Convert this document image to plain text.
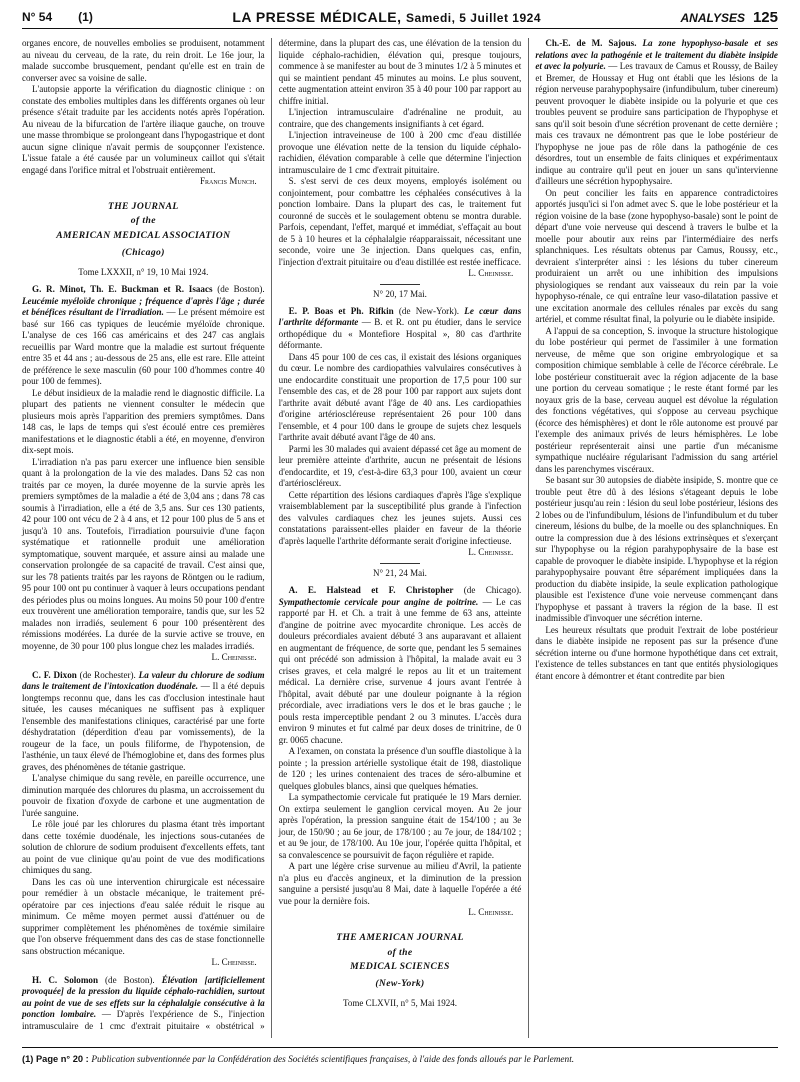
N° 54 (1)	LA PRESSE MÉDICALE, Samedi, 5 Juillet 1924	ANALYSES 125

organes encore, de nouvelles embolies se produisent, notamment au niveau du cerveau, de la rate, du rein droit. Le 16e jour, la malade succombe brusquement, pendant qu'elle est en train de converser avec sa voisine de salle.

L'autopsie apporte la vérification du diagnostic clinique : on constate des embolies multiples dans les différents organes où leur présence s'était traduite par les accidents notés après l'opération. Au niveau de la bifurcation de l'artère iliaque gauche, on trouve une masse thrombique se prolongeant dans l'hypogastrique et dont aucun signe clinique n'avait permis de soupçonner l'existence. L'issue fatale a été causée par un volumineux caillot qui s'était engagé dans l'orifice mitral et l'obstruait entièrement.

Francis Munch.

THE JOURNAL
of the
AMERICAN MEDICAL ASSOCIATION
(Chicago)
Tome LXXXII, n° 19, 10 Mai 1924.

G. R. Minot, Th. E. Buckman et R. Isaacs (de Boston). Leucémie myéloïde chronique ; fréquence d'après l'âge ; durée et bénéfices résultant de l'irradiation. — Le présent mémoire est basé sur 166 cas typiques de leucémie myéloïde chronique. L'analyse de ces 166 cas américains et des 247 cas anglais recueillis par Ward montre que la maladie est surtout fréquente entre 35 et 44 ans ; au-dessous de 25 ans, elle est rare. Elle atteint de préférence le sexe masculin (60 pour 100 d'hommes contre 40 pour 100 de femmes).

Le début insidieux de la maladie rend le diagnostic difficile. La plupart des patients ne viennent consulter le médecin que plusieurs mois après l'apparition des premiers symptômes. Dans 148 cas, le laps de temps qui s'est écoulé entre ces premières manifestations et le diagnostic établi a été, en moyenne, d'environ dix-sept mois.

L'irradiation n'a pas paru exercer une influence bien sensible quant à la prolongation de la vie des malades. Dans 52 cas non traités par ce moyen, la durée moyenne de la survie après les premiers symptômes de la maladie a été de 3,04 ans ; dans 78 cas soumis à l'irradiation, elle a été de 3,5 ans. Sur ces 130 patients, 42 pour 100 ont vécu de 2 à 4 ans, et 12 pour 100 plus de 5 ans et jusqu'à 10 ans. Toutefois, l'irradiation poursuivie d'une façon systématique et rationnelle produit une amélioration symptomatique, souvent marquée, et assure ainsi au malade une conservation prolongée de sa capacité de travail. C'est ainsi que, sur les 78 patients traités par les rayons de Röntgen ou le radium, 95 pour 100 ont pu continuer à vaquer à leurs occupations pendant des périodes plus ou moins longues. Au moins 50 pour 100 d'entre eux trouvèrent une amélioration temporaire, tandis que, sur les 52 malades non irradiés, seulement 6 pour 100 présentèrent des rémissions modérées. La durée de la survie active se trouve, en moyenne, de 30 pour 100 plus longue chez les malades irradiés.

L. Cheinisse.

C. F. Dixon (de Rochester). La valeur du chlorure de sodium dans le traitement de l'intoxication duodénale. — Il a été depuis longtemps reconnu que, dans les cas d'occlusion intestinale haut située, les causes mécaniques ne suffisent pas à expliquer l'ensemble des manifestations cliniques, caractérisé par une forte déshydratation (déperdition d'eau par vomissements), de la rougeur de la face, un pouls filiforme, de l'hypotension, de l'asthénie, un taux élevé de l'hémoglobine et, dans des formes plus graves, des phénomènes de tétanie gastrique.

L'analyse chimique du sang revèle, en pareille occurrence, une diminution marquée des chlorures du plasma, un accroissement du pouvoir de fixation d'oxyde de carbone et une augmentation de l'urée sanguine.

Le rôle joué par les chlorures du plasma étant très important dans cette toxémie duodénale, les injections sous-cutanées de solution de chlorure de sodium produisent d'excellents effets, tant au point de vue clinique qu'au point de vue des modifications chimiques du sang.

Dans les cas où une intervention chirurgicale est nécessaire pour remédier à un obstacle mécanique, le traitement pré-opératoire par ces injections d'eau salée réduit le risque au minimum. Ce même moyen permet aussi d'atténuer ou de supprimer complètement les phénomènes de toxémie similaire que l'on observe fréquemment dans des cas de stase fonctionnelle sans obstruction mécanique.

L. Cheinisse.

H. C. Solomon (de Boston). Élévation [artificiellement provoquée] de la pression du liquide céphalo-rachidien, surtout au point de vue de ses effets sur la céphalalgie consécutive à la ponction lombaire. — D'après l'expérience de S., l'injection intramusculaire de 1 cmc d'extrait pituitaire « obstétrical » détermine, dans la plupart des cas, une élévation de la tension du liquide céphalo-rachidien, élévation qui, presque toujours, commence à se manifester au bout de 3 minutes 1/2 à 5 minutes et qui se maintient pendant 45 minutes au moins. Le plus souvent, cette augmentation atteint environ 35 à 40 pour 100 par rapport au chiffre initial.

L'injection intramusculaire d'adrénaline ne produit, au contraire, que des changements insignifiants à cet égard.

L'injection intraveineuse de 100 à 200 cmc d'eau distillée provoque une élévation nette de la tension du liquide céphalo-rachidien, élévation comparable à celle que détermine l'injection intramusculaire de 1 cmc d'extrait pituitaire.

S. s'est servi de ces deux moyens, employés isolément ou conjointement, pour combattre les céphalées consécutives à la ponction lombaire. Dans la plupart des cas, le traitement fut couronné de succès et le soulagement obtenu se montra durable. Parfois, cependant, l'effet, marqué et immédiat, s'effaçait au bout de 5 à 10 heures et la céphalalgie réapparaissait, nécessitant une seconde, voire une 3e injection. Dans quelques cas, enfin, l'injection d'extrait pituitaire ou d'eau distillée est restée inefficace.

L. Cheinisse.

N° 20, 17 Mai.

E. P. Boas et Ph. Rifkin (de New-York). Le cœur dans l'arthrite déformante — B. et R. ont pu étudier, dans le service orthopédique du « Montefiore Hospital », 80 cas d'arthrite déformante.

Dans 45 pour 100 de ces cas, il existait des lésions organiques du cœur. Le nombre des cardiopathies valvulaires consécutives à une endocardite constituait une proportion de 17,5 pour 100 sur l'ensemble des cas, et de 28 pour 100 par rapport aux sujets dont l'arthrite avait débuté avant l'âge de 40 ans. Les cardiopathies d'origine artérioscléreuse représentaient 26 pour 100 dans l'ensemble, et 4 pour 100 dans le groupe de sujets chez lesquels l'arthrite avait débuté avant l'âge de 40 ans.

Parmi les 30 malades qui avaient dépassé cet âge au moment de leur première atteinte d'arthrite, aucun ne présentait de lésions d'endocardite, et 19, c'est-à-dire 63,3 pour 100, avaient un cœur d'artérioscléreux.

Cette répartition des lésions cardiaques d'après l'âge s'explique vraisemblablement par la susceptibilité plus grande à l'infection des valvules cardiaques chez les jeunes sujets. Aussi ces constatations paraissent-elles plaider en faveur de la théorie d'après laquelle l'arthrite déformante serait d'origine infectieuse.

L. Cheinisse.

N° 21, 24 Mai.

A. E. Halstead et F. Christopher (de Chicago). Sympathectomie cervicale pour angine de poitrine. — Le cas rapporté par H. et Ch. a trait à une femme de 63 ans, atteinte d'angine de poitrine avec myocardite chronique. Les accès de douleurs précordiales avaient débuté 3 ans auparavant et allaient en augmentant de fréquence, de sorte que, pendant les 5 semaines qui ont précédé son admission à l'hôpital, la malade avait eu 3 crises graves, et cela malgré le repos au lit et un traitement médical. La dernière crise, survenue 4 jours avant l'entrée à l'hôpital, avait débuté par une douleur poignante à la région précordiale, avec irradiations vers le dos et le bras gauche ; le pouls resta imperceptible pendant 2 ou 3 minutes. L'accès dura environ 9 minutes et fut calmé par deux doses de trinitrine, de 0 gr. 0065 chacune.

A l'examen, on constata la présence d'un souffle diastolique à la pointe ; la pression artérielle systolique était de 198, diastolique de 120 ; les urines contenaient des traces de séro-albumine et quelques globules blancs, ainsi que quelques hématies.

La sympathectomie cervicale fut pratiquée le 19 Mars dernier. On extirpa seulement le ganglion cervical moyen. Au 2e jour après l'opération, la pression sanguine était de 154/100 ; au 3e jour, de 150/90 ; au 6e jour, de 178/100 ; au 7e jour, de 184/102 ; et au 9e jour, de 178/100. Au 10e jour, l'opérée quitta l'hôpital, et sa convalescence se poursuivit de façon régulière et rapide.

A part une légère crise survenue au milieu d'Avril, la patiente n'a plus eu d'accès angineux, et la diminution de la pression sanguine a persisté jusqu'au 8 Mai, date à laquelle l'opérée a été vue pour la dernière fois.

L. Cheinisse.

THE AMERICAN JOURNAL
of the
MEDICAL SCIENCES
(New-York)
Tome CLXVII, n° 5, Mai 1924.

Ch.-E. de M. Sajous. La zone hypophyso-basale et ses relations avec la pathogénie et le traitement du diabète insipide et avec la polyurie. — Les travaux de Camus et Roussy, de Bailey et Bremer, de Houssay et Hug ont établi que les lésions de la région nerveuse parahypophysaire (infundibulum, tuber cinereum) peuvent provoquer le diabète insipide ou la polyurie et que ces troubles peuvent se produire sans participation de l'hypophyse et sans qu'il soit besoin d'une sécrétion provenant de cette dernière ; mais ces travaux ne démontrent pas que le lobe postérieur de l'hypophyse ne joue pas de rôle dans la pathogénie de ces désordres, tout un ensemble de faits cliniques et expérimentaux indique au contraire qu'il peut en jouer un sans qu'intervienne d'ailleurs une sécrétion hypophysaire.

On peut concilier les faits en apparence contradictoires apportés jusqu'ici si l'on admet avec S. que le lobe postérieur et la région voisine de la base (zone hypophyso-basale) sont le point de départ d'une voie nerveuse qui descend à travers le bulbe et la moelle pour aboutir aux reins par l'intermédiaire des nerfs splanchniques. Les résultats obtenus par Camus, Roussy, etc., devraient s'interpréter ainsi : les lésions du tuber cinereum produiraient un arrêt ou une inhibition des impulsions physiologiques se rendant aux vaisseaux du rein par la voie hypophyso-rénale, ce qui entraîne leur vaso-dilatation passive et une excitation anormale des cellules rénales par excès du sang artériel, et comme résultat final, la polyurie ou le diabète insipide.

A l'appui de sa conception, S. invoque la structure histologique du lobe postérieur qui permet de l'assimiler à une formation nerveuse, de même que son origine embryologique et sa composition chimique semblable à celle de l'écorce cérébrale. Le lobe postérieur constituerait avec la région adjacente de la base une portion du cerveau somatique ; le reste étant formé par les noyaux gris de la base, cerveau auquel est dévolue la régulation des fonctions végétatives, qui s'oppose au cerveau psychique (écorce des hémisphères) et dont le rôle autonome est prouvé par l'exemple des animaux privés de leurs hémisphères. Le lobe postérieur représenterait ainsi une partie d'un mécanisme sympathique nucléaire régularisant l'admission du sang artériel dans les parenchymes viscéraux.

Se basant sur 30 autopsies de diabète insipide, S. montre que ce trouble peut être dû à des lésions s'étageant depuis le lobe postérieur jusqu'au rein : lésion du seul lobe postérieur, lésions des 2 lobes ou de l'infundibulum, lésions de l'infundibulum et du tuber cinereum, lésions du bulbe, de la moelle ou des splanchniques. En outre la compression due à des lésions extrinsèques et s'exerçant sur l'hypophyse ou la région parahypophysaire de la base est capable de provoquer le diabète insipide. L'hypophyse et la région parahypophysaire pouvant être séparément impliquées dans la production du diabète insipide, la seule explication pathologique plausible est l'existence d'une voie nerveuse commençant dans l'hypophyse et passant à travers la région de la base. Il est inadmissible d'invoquer une sécrétion interne.

Les heureux résultats que produit l'extrait de lobe postérieur dans le diabète insipide ne reposent pas sur la présence d'une sécrétion interne ou d'une hormone hypothétique dans cet extrait, l'existence de telles substances en tant que entités physiologiques étant encore à démontrer et étant contredite par bien

(1) Page n° 20 : Publication subventionnée par la Confédération des Sociétés scientifiques françaises, à l'aide des fonds alloués par le Parlement.
